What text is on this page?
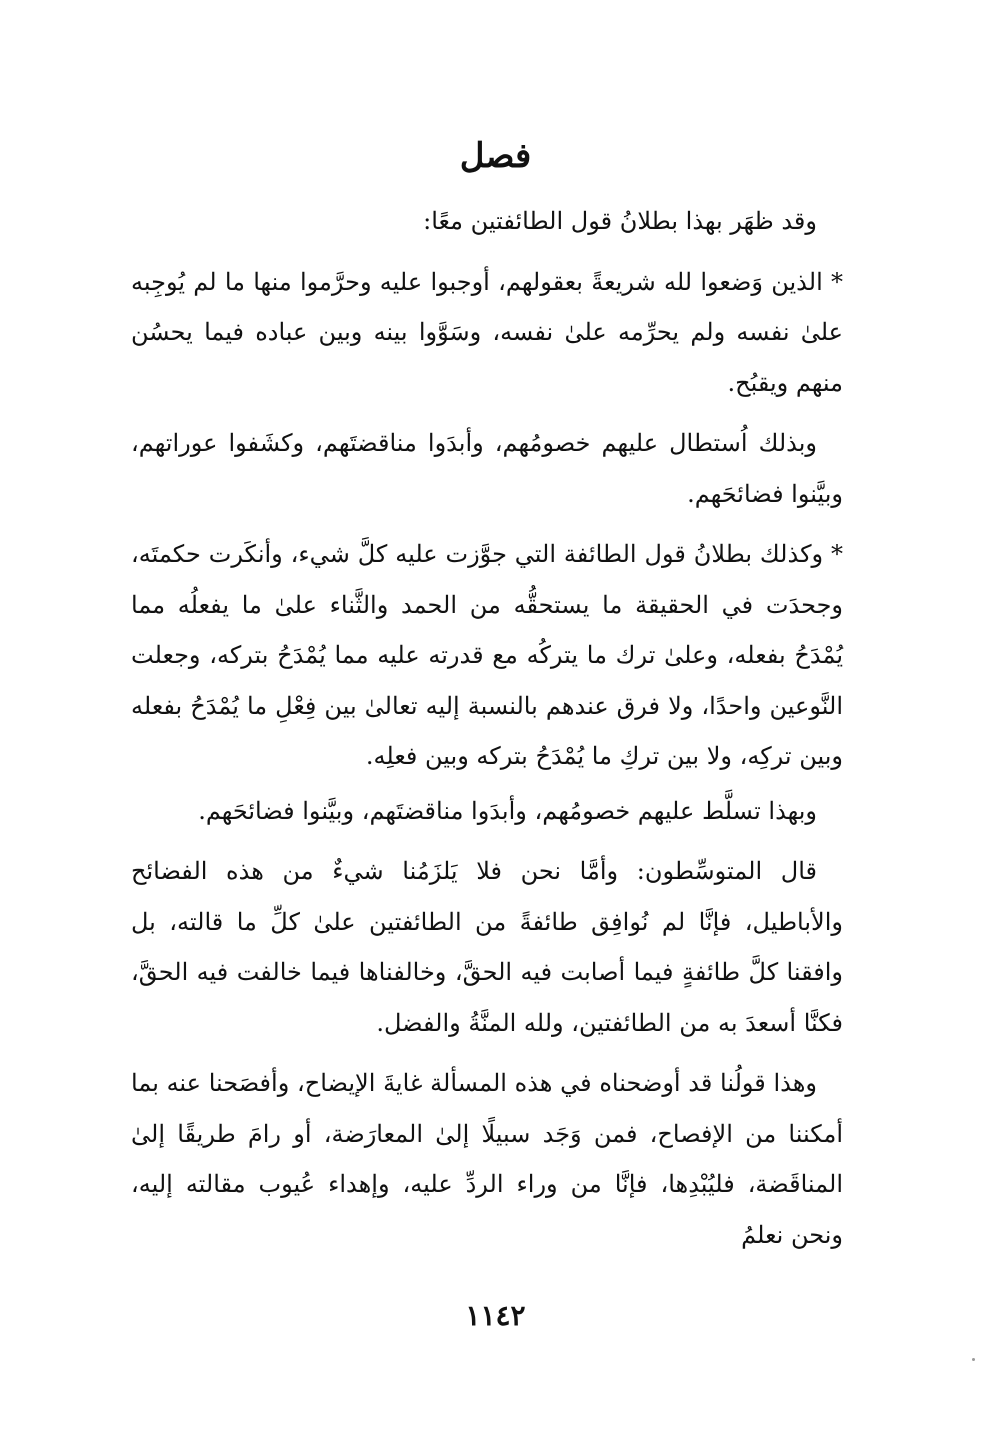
فصل

وقد ظهَر بهذا بطلانُ قول الطائفتين معًا:

* الذين وَضعوا لله شريعةً بعقولهم، أوجبوا عليه وحرَّموا منها ما لم يُوجِبه علىٰ نفسه ولم يحرِّمه علىٰ نفسه، وسَوَّوا بينه وبين عباده فيما يحسُن منهم ويقبُح.

وبذلك اُستطال عليهم خصومُهم، وأبدَوا مناقضتَهم، وكشَفوا عوراتهم، وبيَّنوا فضائحَهم.

* وكذلك بطلانُ قول الطائفة التي جوَّزت عليه كلَّ شيء، وأنكَرت حكمتَه، وجحدَت في الحقيقة ما يستحقُّه من الحمد والثَّناء علىٰ ما يفعلُه مما يُمْدَحُ بفعله، وعلىٰ ترك ما يتركُه مع قدرته عليه مما يُمْدَحُ بتركه، وجعلت النَّوعين واحدًا، ولا فرق عندهم بالنسبة إليه تعالىٰ بين فِعْلِ ما يُمْدَحُ بفعله وبين تركِه، ولا بين تركِ ما يُمْدَحُ بتركه وبين فعلِه.

وبهذا تسلَّط عليهم خصومُهم، وأبدَوا مناقضتَهم، وبيَّنوا فضائحَهم.

قال المتوسِّطون: وأمَّا نحن فلا يَلزَمُنا شيءٌ من هذه الفضائح والأباطيل، فإنَّا لم نُوافِق طائفةً من الطائفتين علىٰ كلِّ ما قالته، بل وافقنا كلَّ طائفةٍ فيما أصابت فيه الحقَّ، وخالفناها فيما خالفت فيه الحقَّ، فكنَّا أسعدَ به من الطائفتين، ولله المنَّةُ والفضل.

وهذا قولُنا قد أوضحناه في هذه المسألة غايةَ الإيضاح، وأفصَحنا عنه بما أمكننا من الإفصاح، فمن وَجَد سبيلًا إلىٰ المعارَضة، أو رامَ طريقًا إلىٰ المناقَضة، فليُبْدِها، فإنَّا من وراء الردِّ عليه، وإهداء عُيوب مقالته إليه، ونحن نعلمُ

١١٤٢
